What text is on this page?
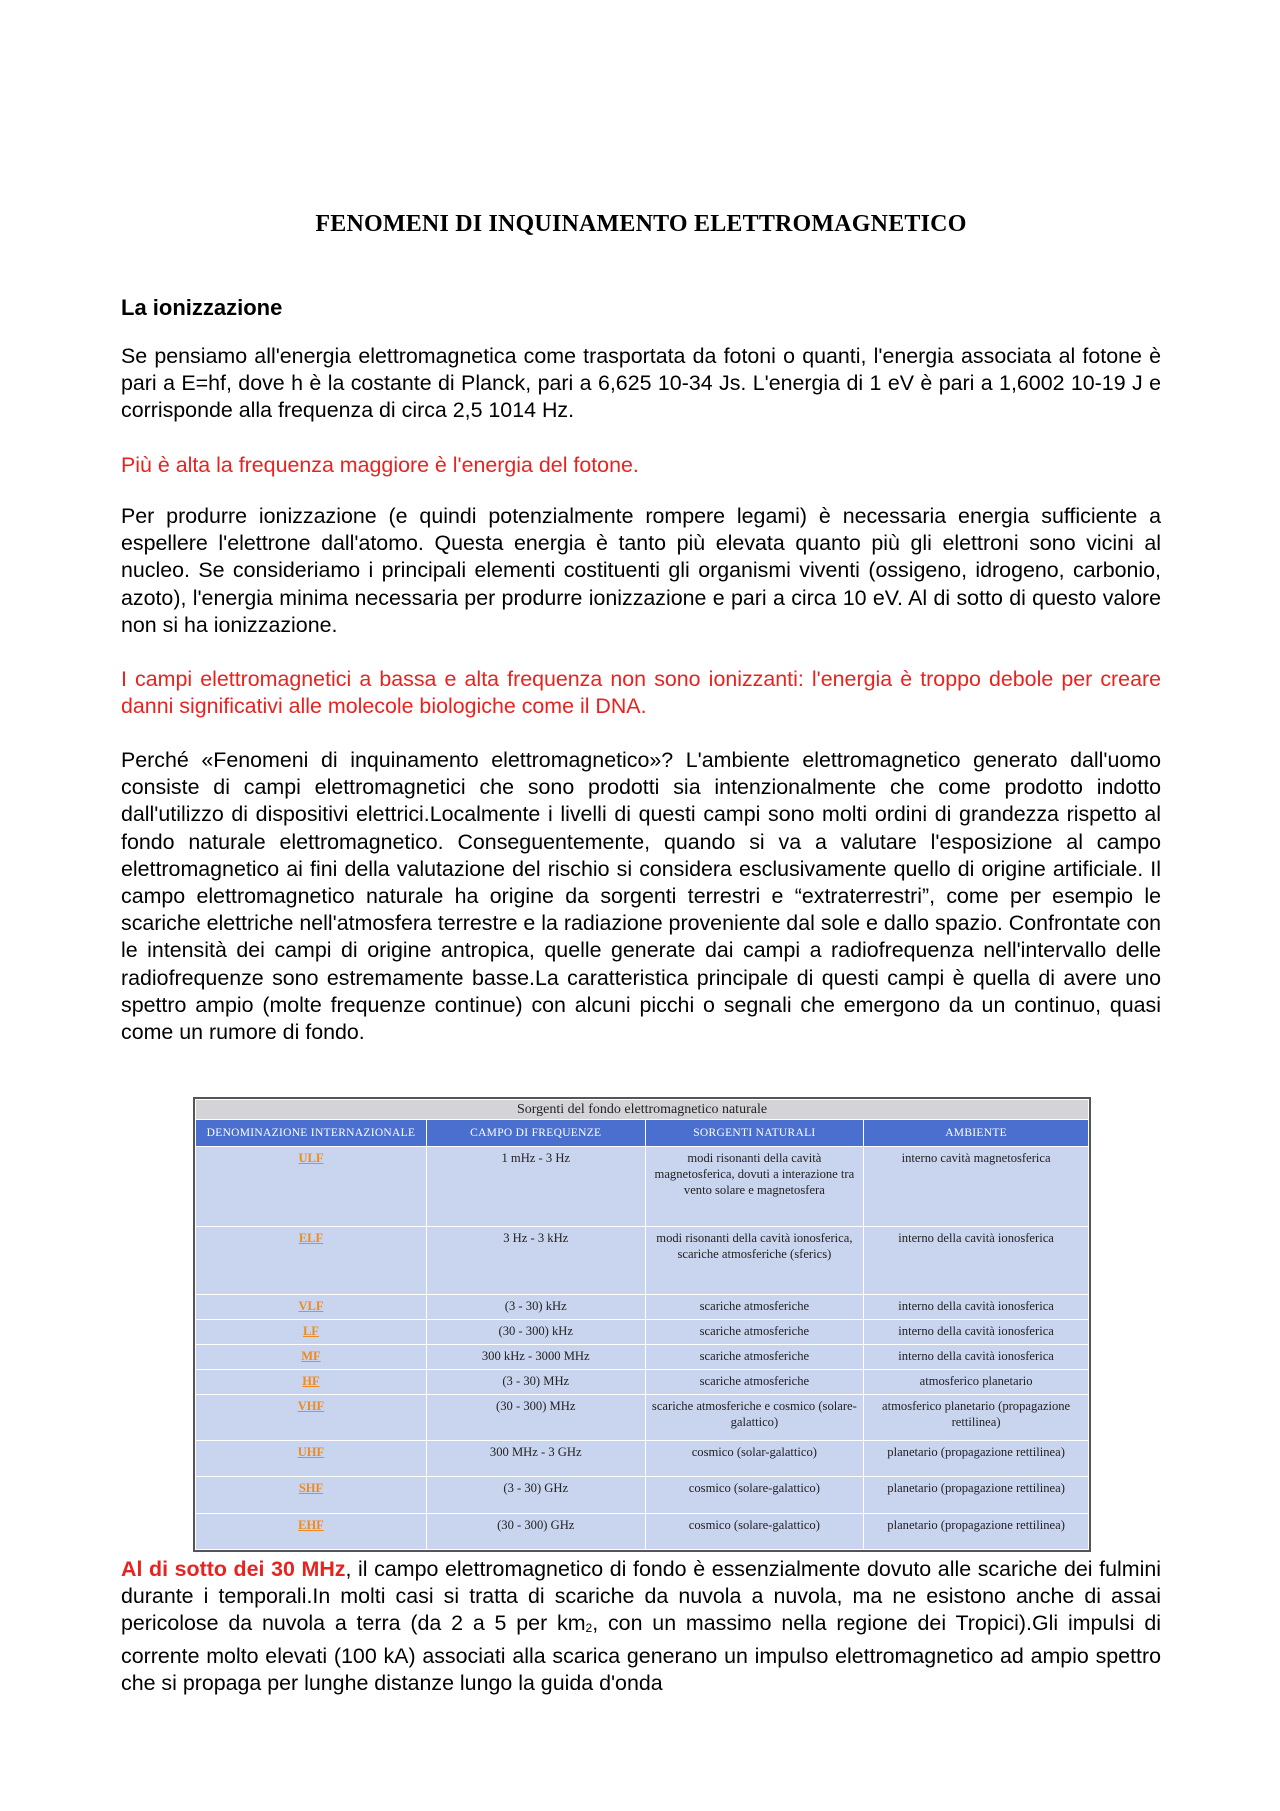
FENOMENI DI INQUINAMENTO ELETTROMAGNETICO
La ionizzazione

Se pensiamo all'energia elettromagnetica come trasportata da fotoni o quanti, l'energia associata al fotone è pari a E=hf, dove h è la costante di Planck, pari a 6,625 10-34 Js. L'energia di 1 eV è pari a 1,6002 10-19 J e corrisponde alla frequenza di circa 2,5 1014 Hz.

Più è alta la frequenza maggiore è l'energia del fotone.

Per produrre ionizzazione (e quindi potenzialmente rompere legami) è necessaria energia sufficiente a espellere l'elettrone dall'atomo. Questa energia è tanto più elevata quanto più gli elettroni sono vicini al nucleo. Se consideriamo i principali elementi costituenti gli organismi viventi (ossigeno, idrogeno, carbonio, azoto), l'energia minima necessaria per produrre ionizzazione e pari a circa 10 eV. Al di sotto di questo valore non si ha ionizzazione.

I campi elettromagnetici a bassa e alta frequenza non sono ionizzanti: l'energia è troppo debole per creare danni significativi alle molecole biologiche come il DNA.

Perché «Fenomeni di inquinamento elettromagnetico»? L'ambiente elettromagnetico generato dall'uomo consiste di campi elettromagnetici che sono prodotti sia intenzionalmente che come prodotto indotto dall'utilizzo di dispositivi elettrici.Localmente i livelli di questi campi sono molti ordini di grandezza rispetto al fondo naturale elettromagnetico. Conseguentemente, quando si va a valutare l'esposizione al campo elettromagnetico ai fini della valutazione del rischio si considera esclusivamente quello di origine artificiale. Il campo elettromagnetico naturale ha origine da sorgenti terrestri e “extraterrestri”, come per esempio le scariche elettriche nell'atmosfera terrestre e la radiazione proveniente dal sole e dallo spazio. Confrontate con le intensità dei campi di origine antropica, quelle generate dai campi a radiofrequenza nell'intervallo delle radiofrequenze sono estremamente basse.La caratteristica principale di questi campi è quella di avere uno spettro ampio (molte frequenze continue) con alcuni picchi o segnali che emergono da un continuo, quasi come un rumore di fondo.

Sorgenti del fondo elettromagnetico naturale			
DENOMINAZIONE INTERNAZIONALE	CAMPO DI FREQUENZE	SORGENTI NATURALI	AMBIENTE
ULF	1 mHz - 3 Hz	modi risonanti della cavità magnetosferica, dovuti a interazione tra vento solare e magnetosfera	interno cavità magnetosferica
ELF	3 Hz - 3 kHz	modi risonanti della cavità ionosferica, scariche atmosferiche (sferics)	interno della cavità ionosferica
VLF	(3 - 30) kHz	scariche atmosferiche	interno della cavità ionosferica
LF	(30 - 300) kHz	scariche atmosferiche	interno della cavità ionosferica
MF	300 kHz - 3000 MHz	scariche atmosferiche	interno della cavità ionosferica
HF	(3 - 30) MHz	scariche atmosferiche	atmosferico planetario
VHF	(30 - 300) MHz	scariche atmosferiche e cosmico (solare-galattico)	atmosferico planetario (propagazione rettilinea)
UHF	300 MHz - 3 GHz	cosmico (solar-galattico)	planetario (propagazione rettilinea)
SHF	(3 - 30) GHz	cosmico (solare-galattico)	planetario (propagazione rettilinea)
EHF	(30 - 300) GHz	cosmico (solare-galattico)	planetario (propagazione rettilinea)

Al di sotto dei 30 MHz, il campo elettromagnetico di fondo è essenzialmente dovuto alle scariche dei fulmini durante i temporali.In molti casi si tratta di scariche da nuvola a nuvola, ma ne esistono anche di assai pericolose da nuvola a terra (da 2 a 5 per $km_2$, con un massimo nella regione dei Tropici).Gli impulsi di corrente molto elevati (100 kA) associati alla scarica generano un impulso elettromagnetico ad ampio spettro che si propaga per lunghe distanze lungo la guida d'onda
